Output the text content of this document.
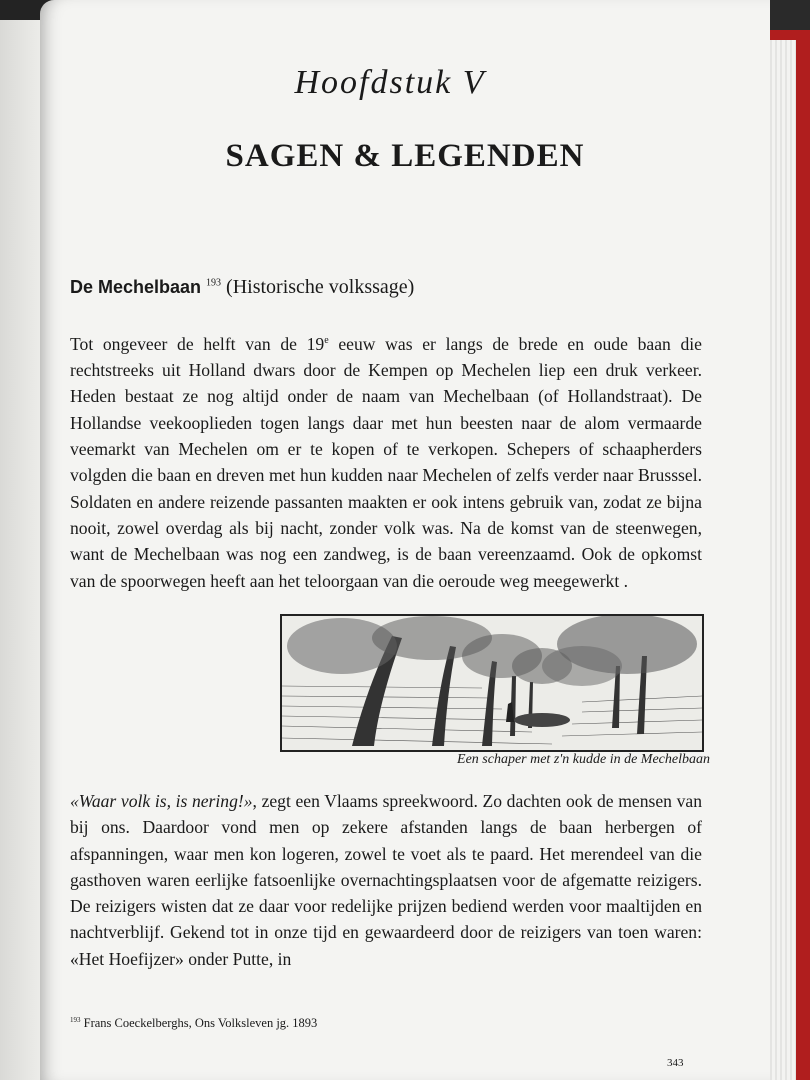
Hoofdstuk V
SAGEN & LEGENDEN
De Mechelbaan $^{193}$ (Historische volkssage)

Tot ongeveer de helft van de 19e eeuw was er langs de brede en oude baan die rechtstreeks uit Holland dwars door de Kempen op Mechelen liep een druk verkeer. Heden bestaat ze nog altijd onder de naam van Mechelbaan (of Hollandstraat). De Hollandse veekooplieden togen langs daar met hun beesten naar de alom vermaarde veemarkt van Mechelen om er te kopen of te verkopen. Schepers of schaapherders volgden die baan en dreven met hun kudden naar Mechelen of zelfs verder naar Brusssel. Soldaten en andere reizende passanten maakten er ook intens gebruik van, zodat ze bijna nooit, zowel overdag als bij nacht, zonder volk was. Na de komst van de steenwegen, want de Mechelbaan was nog een zandweg, is de baan vereenzaamd. Ook de opkomst van de spoorwegen heeft aan het teloorgaan van die oeroude weg meegewerkt .

Een schaper met z'n kudde in de Mechelbaan

«Waar volk is, is nering!», zegt een Vlaams spreekwoord. Zo dachten ook de mensen van bij ons. Daardoor vond men op zekere afstanden langs de baan herbergen of afspanningen, waar men kon logeren, zowel te voet als te paard. Het merendeel van die gasthoven waren eerlijke fatsoenlijke overnachtingsplaatsen voor de afgematte reizigers. De reizigers wisten dat ze daar voor redelijke prijzen bediend werden voor maaltijden en nachtverblijf. Gekend tot in onze tijd en gewaardeerd door de reizigers van toen waren: «Het Hoefijzer» onder Putte, in

$^{193}$ Frans Coeckelberghs, Ons Volksleven jg. 1893

343
